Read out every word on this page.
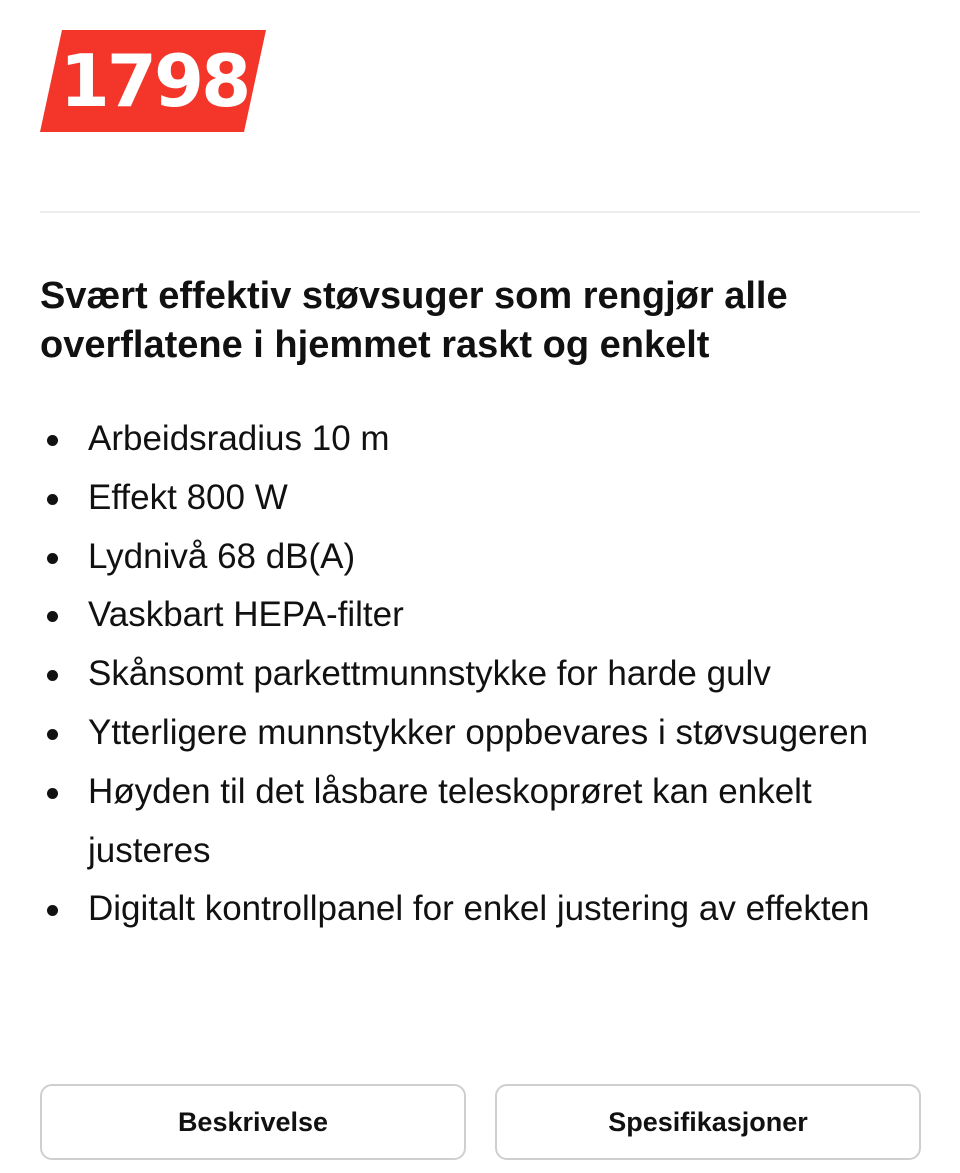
1798
Svært effektiv støvsuger som rengjør alle overflatene i hjemmet raskt og enkelt
Arbeidsradius 10 m
Effekt 800 W
Lydnivå 68 dB(A)
Vaskbart HEPA-filter
Skånsomt parkettmunnstykke for harde gulv
Ytterligere munnstykker oppbevares i støvsugeren
Høyden til det låsbare teleskoprøret kan enkelt justeres
Digitalt kontrollpanel for enkel justering av effekten
Beskrivelse	Spesifikasjoner
